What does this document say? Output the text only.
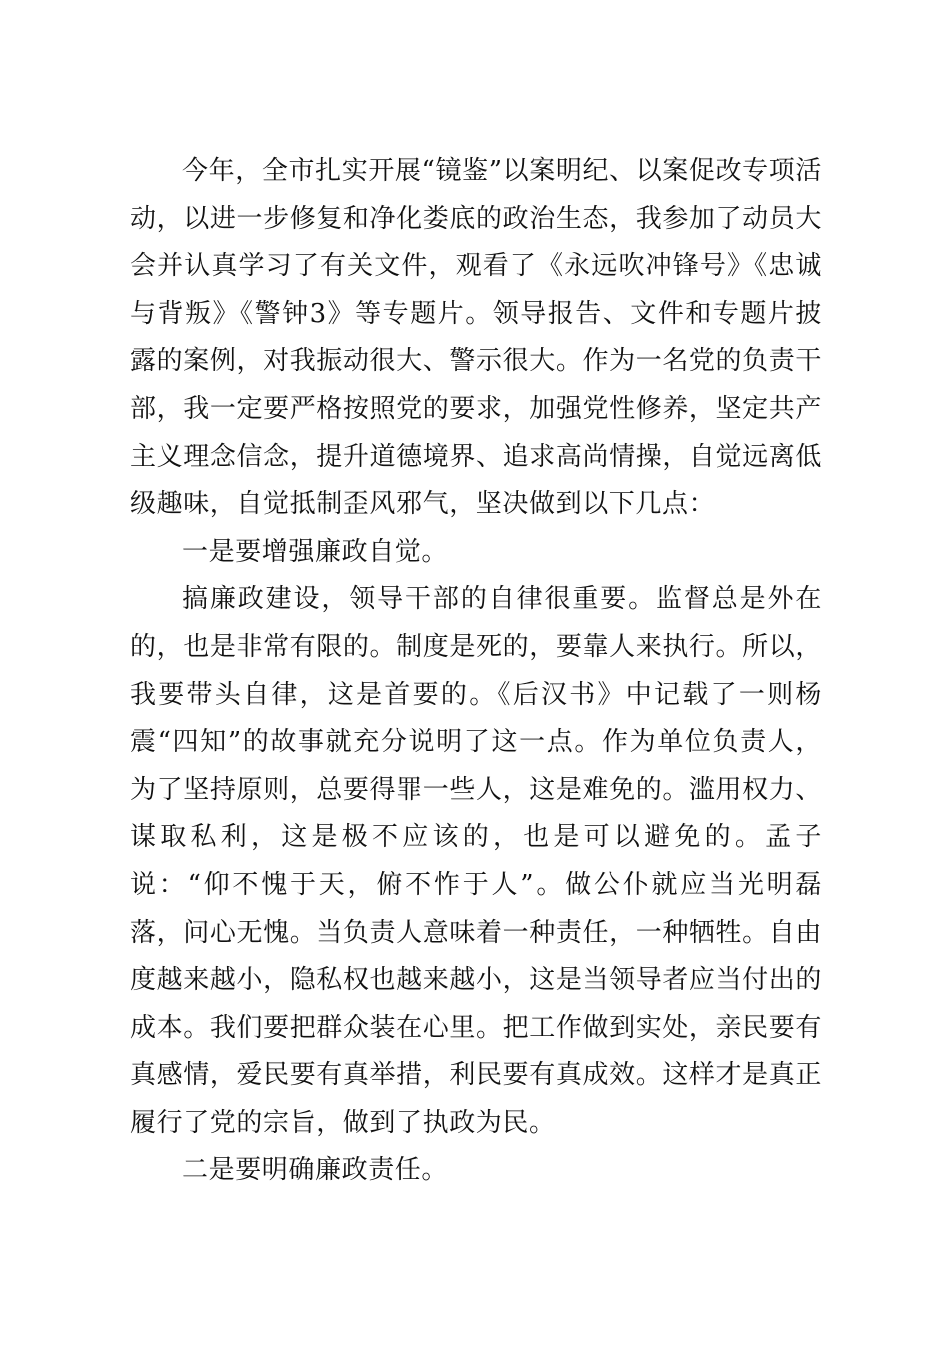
今年，全市扎实开展“镜鉴”以案明纪、以案促改专项活动，以进一步修复和净化娄底的政治生态，我参加了动员大会并认真学习了有关文件，观看了《永远吹冲锋号》《忠诚与背叛》《警钟3》等专题片。领导报告、文件和专题片披露的案例，对我振动很大、警示很大。作为一名党的负责干部，我一定要严格按照党的要求，加强党性修养，坚定共产主义理念信念，提升道德境界、追求高尚情操，自觉远离低级趣味，自觉抵制歪风邪气，坚决做到以下几点：

一是要增强廉政自觉。

搞廉政建设，领导干部的自律很重要。监督总是外在的，也是非常有限的。制度是死的，要靠人来执行。所以，我要带头自律，这是首要的。《后汉书》中记载了一则杨震“四知”的故事就充分说明了这一点。作为单位负责人，为了坚持原则，总要得罪一些人，这是难免的。滥用权力、谋取私利，这是极不应该的，也是可以避免的。孟子说：“仰不愧于天，俯不怍于人”。做公仆就应当光明磊落，问心无愧。当负责人意味着一种责任，一种牺牲。自由度越来越小，隐私权也越来越小，这是当领导者应当付出的成本。我们要把群众装在心里。把工作做到实处，亲民要有真感情，爱民要有真举措，利民要有真成效。这样才是真正履行了党的宗旨，做到了执政为民。

二是要明确廉政责任。
